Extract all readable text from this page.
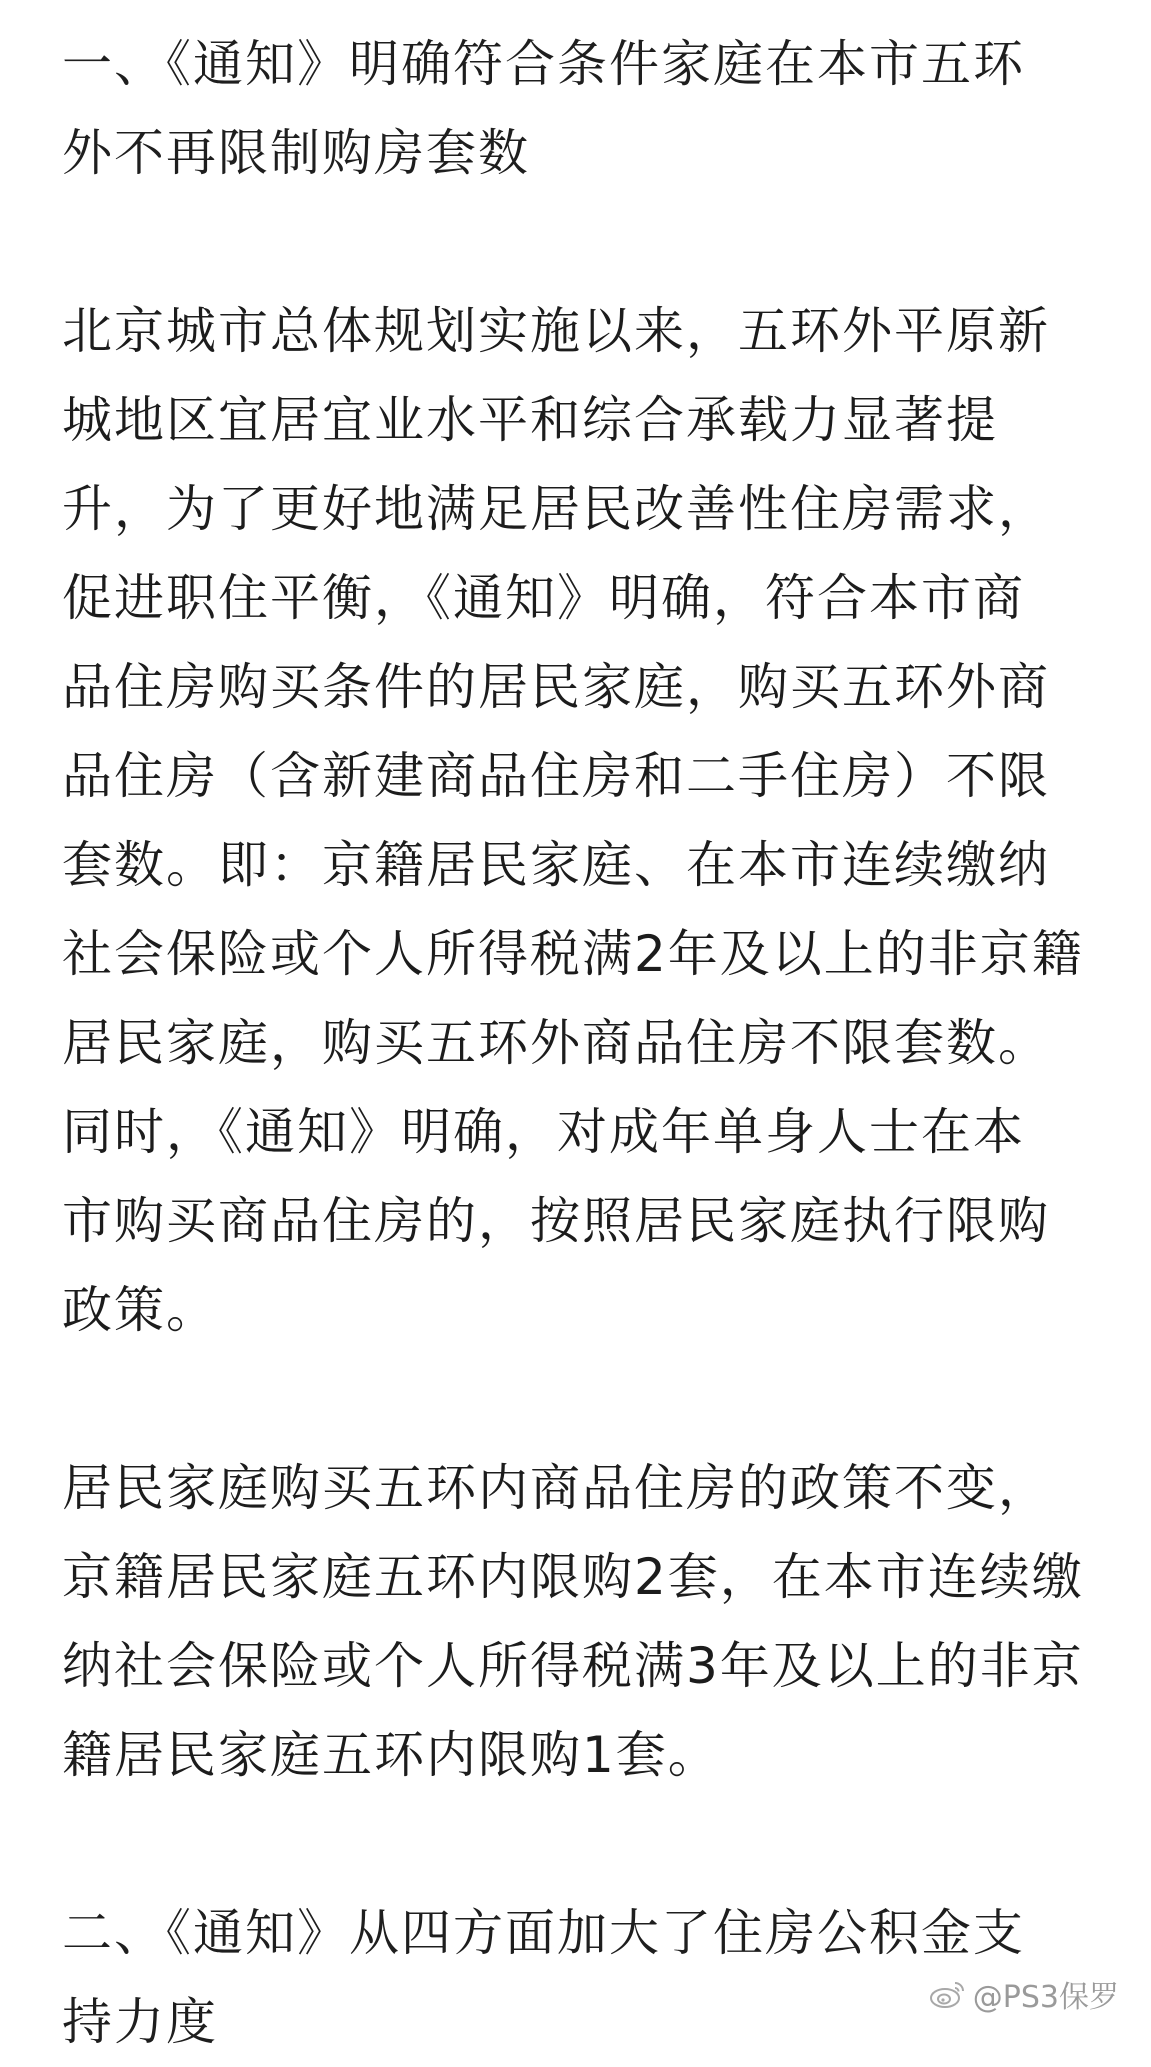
一、《通知》明确符合条件家庭在本市五环
外不再限制购房套数

北京城市总体规划实施以来，五环外平原新
城地区宜居宜业水平和综合承载力显著提
升，为了更好地满足居民改善性住房需求，
促进职住平衡，《通知》明确，符合本市商
品住房购买条件的居民家庭，购买五环外商
品住房（含新建商品住房和二手住房）不限
套数。即：京籍居民家庭、在本市连续缴纳
社会保险或个人所得税满2年及以上的非京籍
居民家庭，购买五环外商品住房不限套数。
同时，《通知》明确，对成年单身人士在本
市购买商品住房的，按照居民家庭执行限购
政策。

居民家庭购买五环内商品住房的政策不变，
京籍居民家庭五环内限购2套，在本市连续缴
纳社会保险或个人所得税满3年及以上的非京
籍居民家庭五环内限购1套。

二、《通知》从四方面加大了住房公积金支
持力度	@PS3保罗
